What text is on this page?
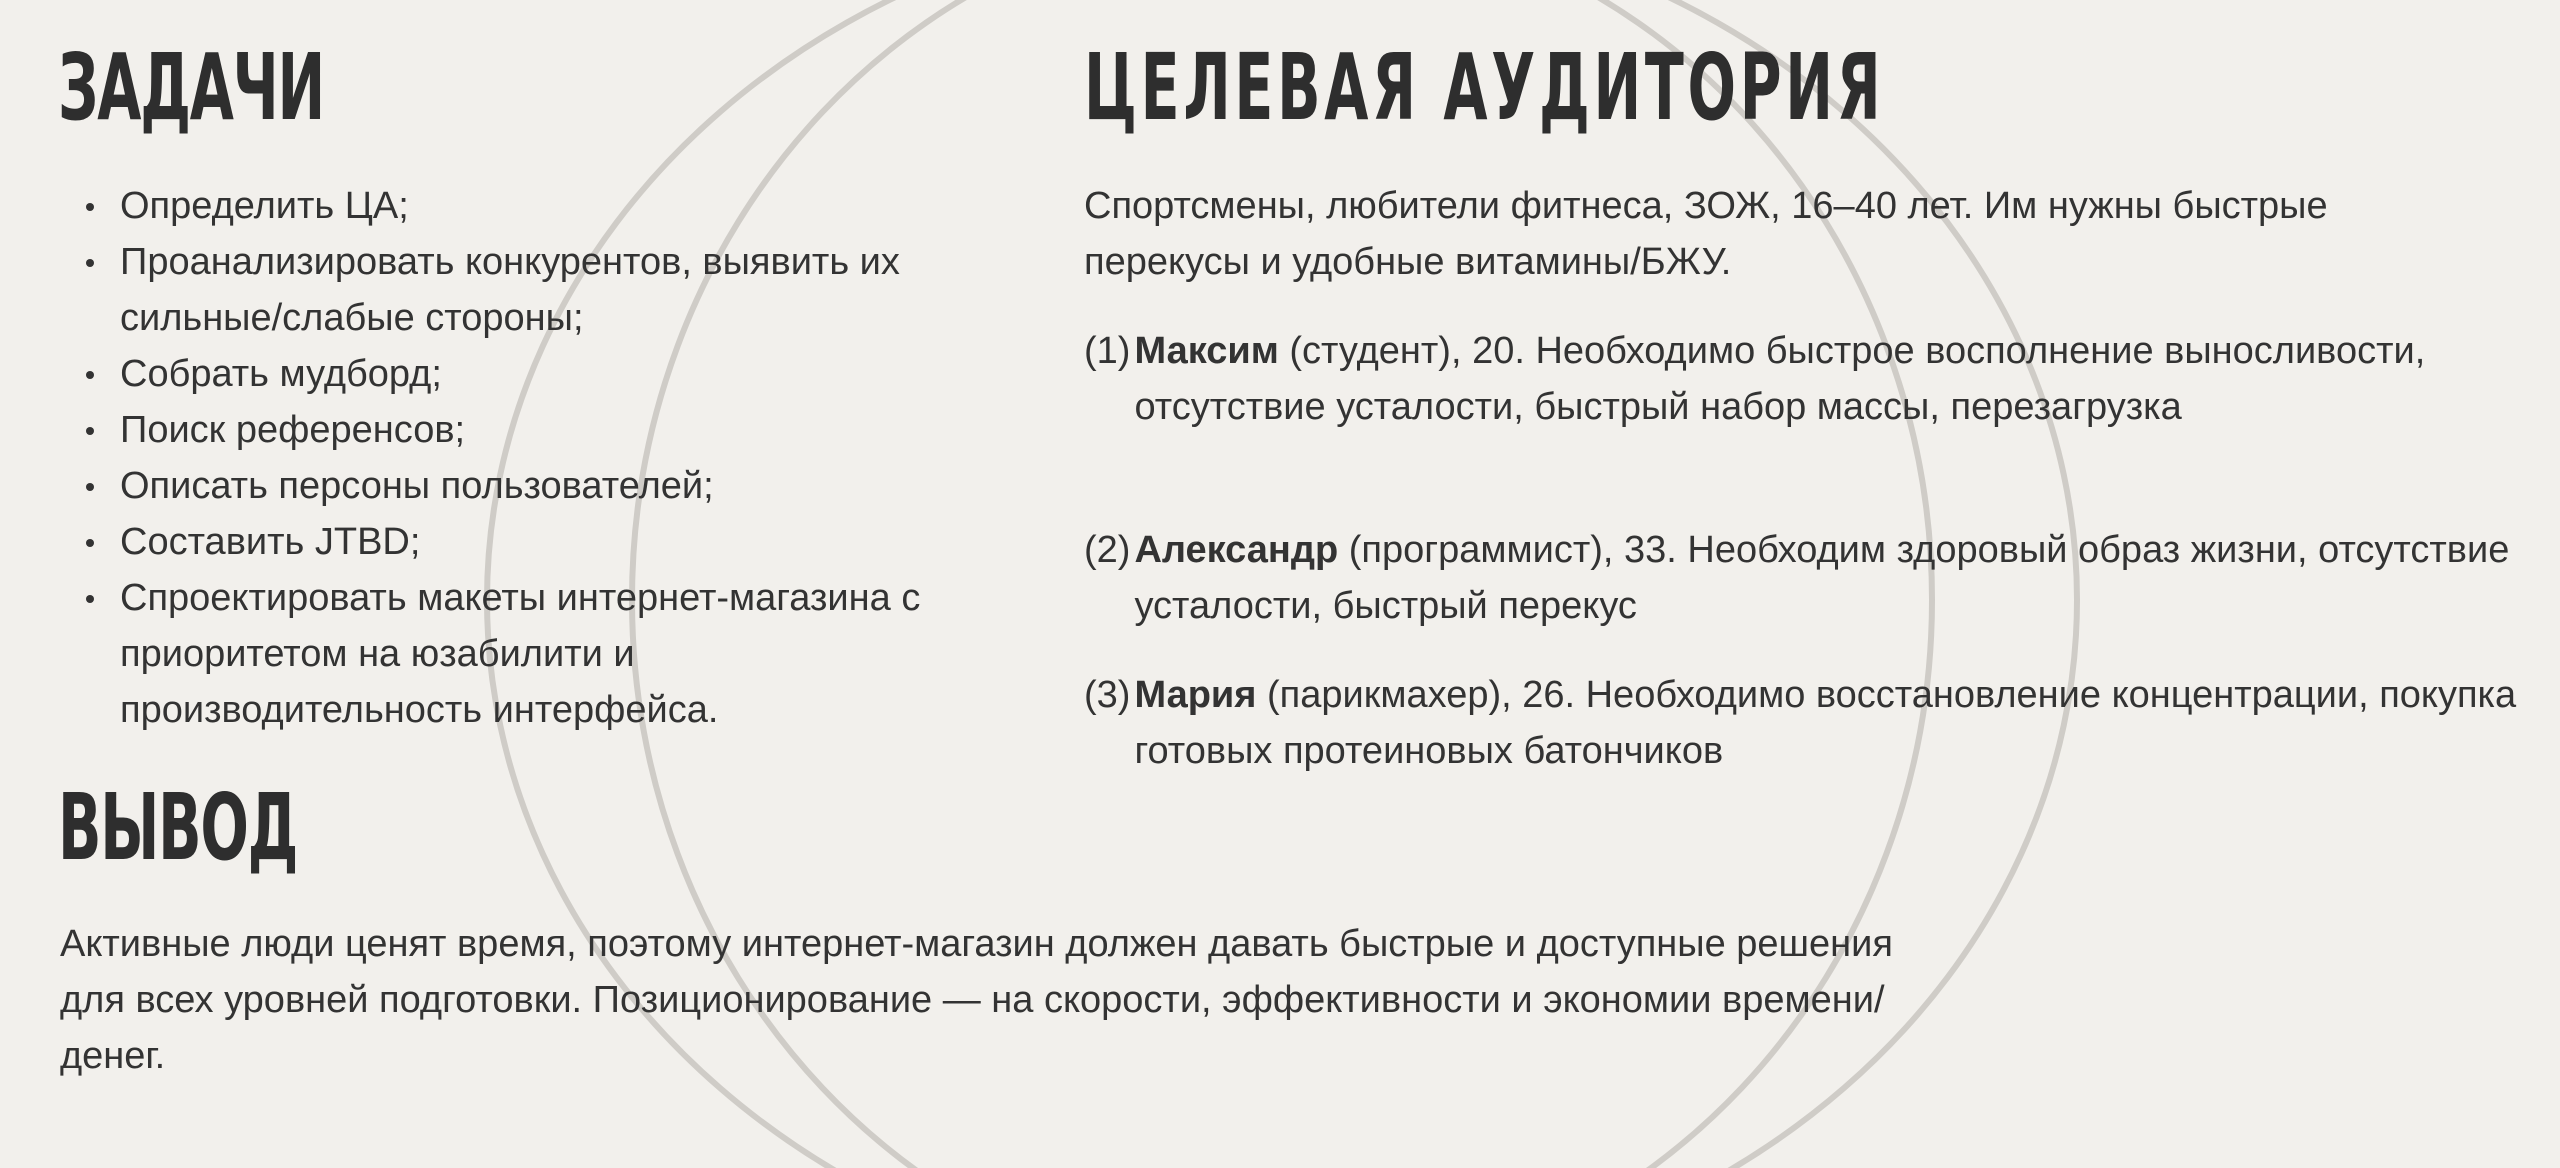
ЗАДАЧИ
Определить ЦА;
Проанализировать конкурентов, выявить их сильные/слабые стороны;
Собрать мудборд;
Поиск референсов;
Описать персоны пользователей;
Составить JTBD;
Спроектировать макеты интернет-магазина с приоритетом на юзабилити и производительность интерфейса.
ЦЕЛЕВАЯ АУДИТОРИЯ

Спортсмены, любители фитнеса, ЗОЖ, 16–40 лет. Им нужны быстрые перекусы и удобные витамины/БЖУ.

(1) Максим (студент), 20. Необходимо быстрое восполнение выносливости, отсутствие усталости, быстрый набор массы, перезагрузка
(2) Александр (программист), 33. Необходим здоровый образ жизни, отсутствие усталости, быстрый перекус
(3) Мария (парикмахер), 26. Необходимо восстановление концентрации, покупка готовых протеиновых батончиков
ВЫВОД

Активные люди ценят время, поэтому интернет-магазин должен давать быстрые и доступные решения для всех уровней подготовки. Позиционирование — на скорости, эффективности и экономии времени/денег.
